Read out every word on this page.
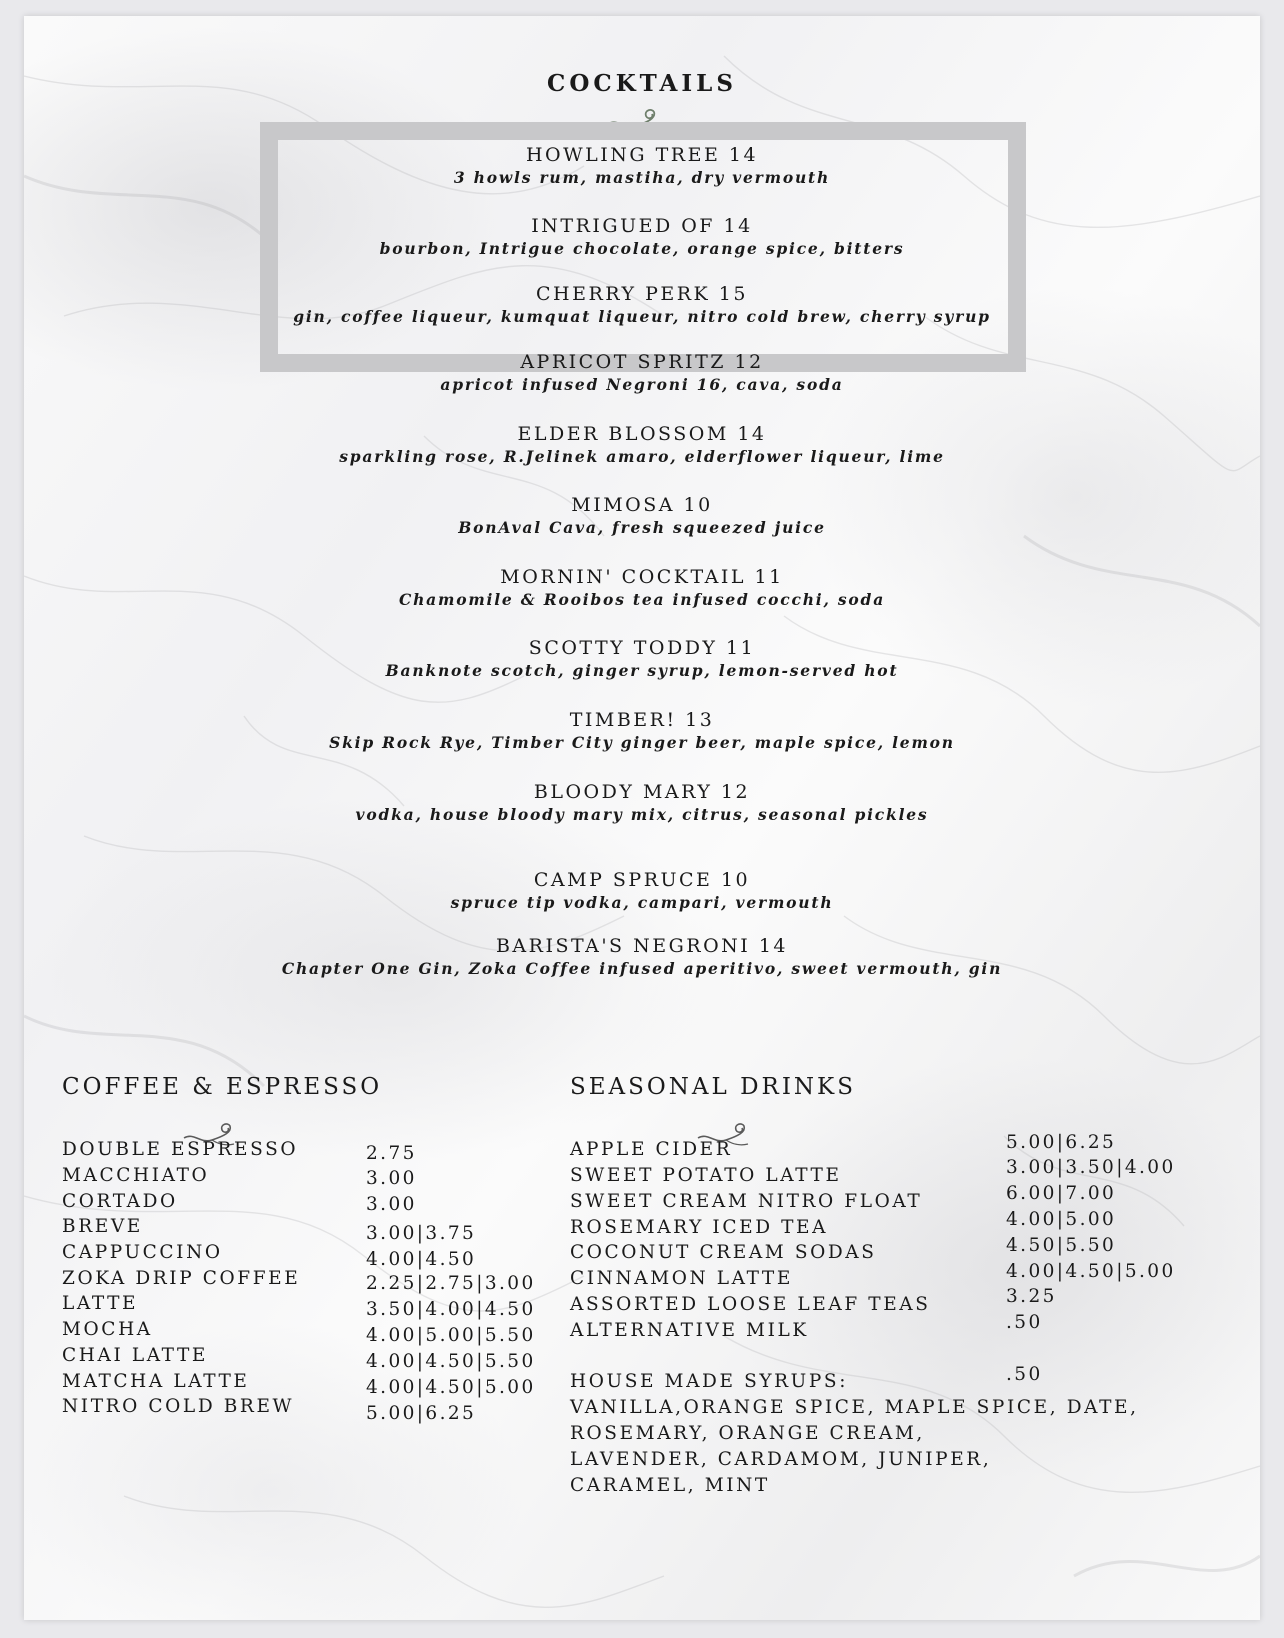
COCKTAILS
HOWLING TREE 14
3 howls rum, mastiha, dry vermouth
INTRIGUED OF 14
bourbon, Intrigue chocolate, orange spice, bitters
CHERRY PERK 15
gin, coffee liqueur, kumquat liqueur, nitro cold brew, cherry syrup
APRICOT SPRITZ 12
apricot infused Negroni 16, cava, soda
ELDER BLOSSOM 14
sparkling rose, R.Jelinek amaro, elderflower liqueur, lime
MIMOSA 10
BonAval Cava, fresh squeezed juice
MORNIN' COCKTAIL 11
Chamomile & Rooibos tea infused cocchi, soda
SCOTTY TODDY 11
Banknote scotch, ginger syrup, lemon-served hot
TIMBER! 13
Skip Rock Rye, Timber City ginger beer, maple spice, lemon
BLOODY MARY 12
vodka, house bloody mary mix, citrus, seasonal pickles
CAMP SPRUCE 10
spruce tip vodka, campari, vermouth
BARISTA'S NEGRONI 14
Chapter One Gin, Zoka Coffee infused aperitivo, sweet vermouth, gin
COFFEE & ESPRESSO	SEASONAL DRINKS
DOUBLE ESPRESSO	2.75
MACCHIATO	3.00
CORTADO	3.00
BREVE	3.00|3.75
CAPPUCCINO	4.00|4.50
ZOKA DRIP COFFEE	2.25|2.75|3.00
LATTE	3.50|4.00|4.50
MOCHA	4.00|5.00|5.50
CHAI LATTE	4.00|4.50|5.50
MATCHA LATTE	4.00|4.50|5.00
NITRO COLD BREW	5.00|6.25
APPLE CIDER	5.00|6.25
SWEET POTATO LATTE	3.00|3.50|4.00
SWEET CREAM NITRO FLOAT	6.00|7.00
ROSEMARY ICED TEA	4.00|5.00
COCONUT CREAM SODAS	4.50|5.50
CINNAMON LATTE	4.00|4.50|5.00
ASSORTED LOOSE LEAF TEAS	3.25
ALTERNATIVE MILK	.50
HOUSE MADE SYRUPS:	.50
VANILLA,ORANGE SPICE, MAPLE SPICE, DATE,
ROSEMARY, ORANGE CREAM,
LAVENDER, CARDAMOM, JUNIPER,
CARAMEL, MINT
